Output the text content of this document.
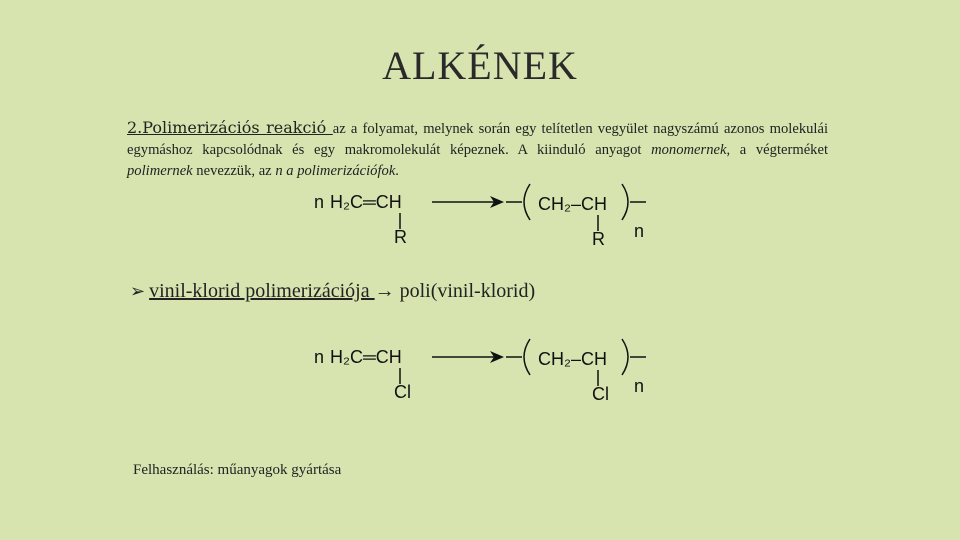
ALKÉNEK
2.Polimerizációs reakció az a folyamat, melynek során egy telítetlen vegyület nagyszámú azonos molekulái egymáshoz kapcsolódnak és egy makromolekulát képeznek. A kiinduló anyagot monomernek, a végterméket polimernek nevezzük, az n a polimerizációfok.
n H₂C═CH
R
CH₂–CH
R n
➢ vinil-klorid polimerizációja → poli(vinil-klorid)
n H₂C═CH
Cl
CH₂–CH
Cl n
Felhasználás: műanyagok gyártása
